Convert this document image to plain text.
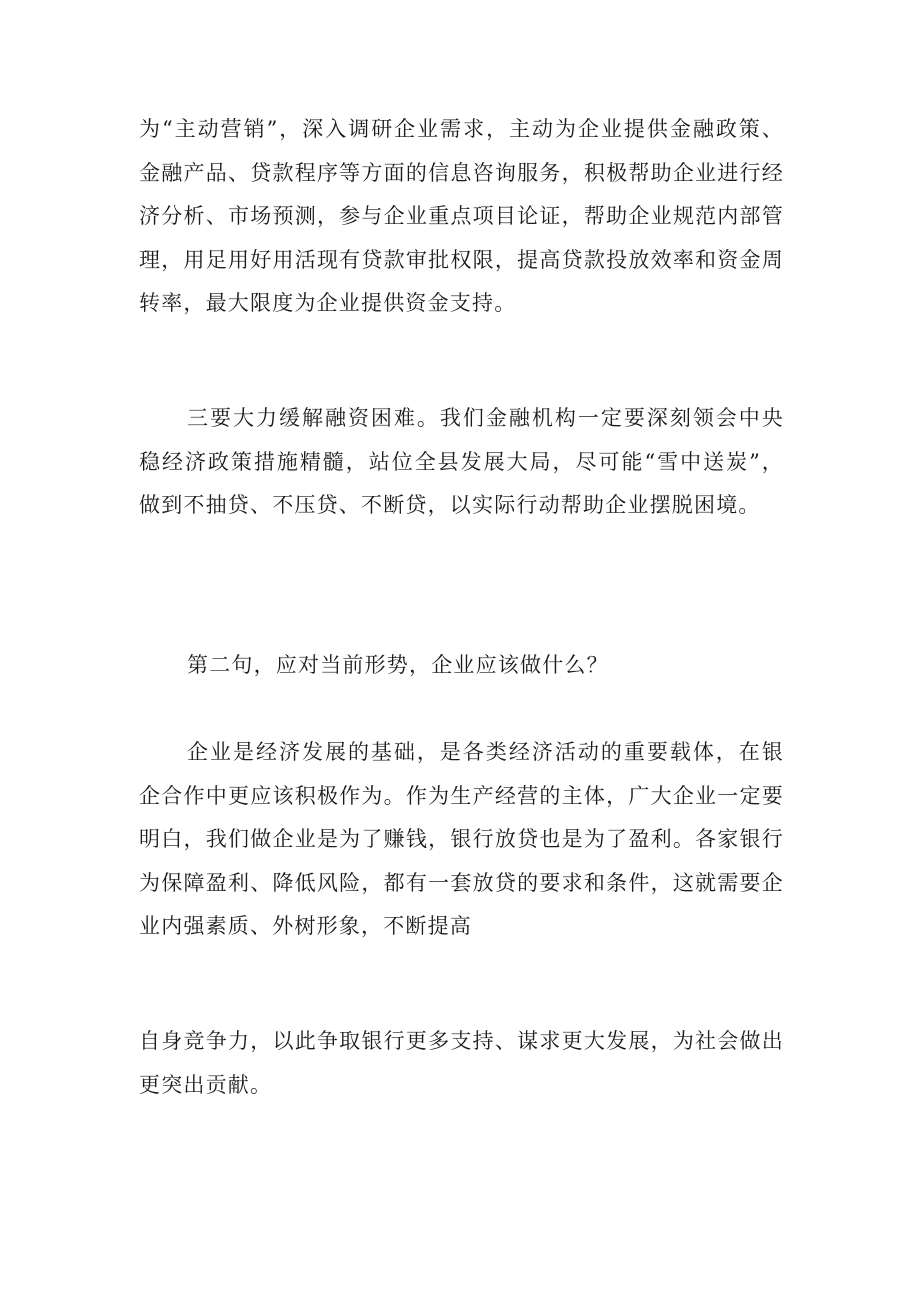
为“主动营销”，深入调研企业需求，主动为企业提供金融政策、金融产品、贷款程序等方面的信息咨询服务，积极帮助企业进行经济分析、市场预测，参与企业重点项目论证，帮助企业规范内部管理，用足用好用活现有贷款审批权限，提高贷款投放效率和资金周转率，最大限度为企业提供资金支持。

三要大力缓解融资困难。我们金融机构一定要深刻领会中央稳经济政策措施精髓，站位全县发展大局，尽可能“雪中送炭”，做到不抽贷、不压贷、不断贷，以实际行动帮助企业摆脱困境。

第二句，应对当前形势，企业应该做什么？

企业是经济发展的基础，是各类经济活动的重要载体，在银企合作中更应该积极作为。作为生产经营的主体，广大企业一定要明白，我们做企业是为了赚钱，银行放贷也是为了盈利。各家银行为保障盈利、降低风险，都有一套放贷的要求和条件，这就需要企业内强素质、外树形象，不断提高

自身竞争力，以此争取银行更多支持、谋求更大发展，为社会做出更突出贡献。
